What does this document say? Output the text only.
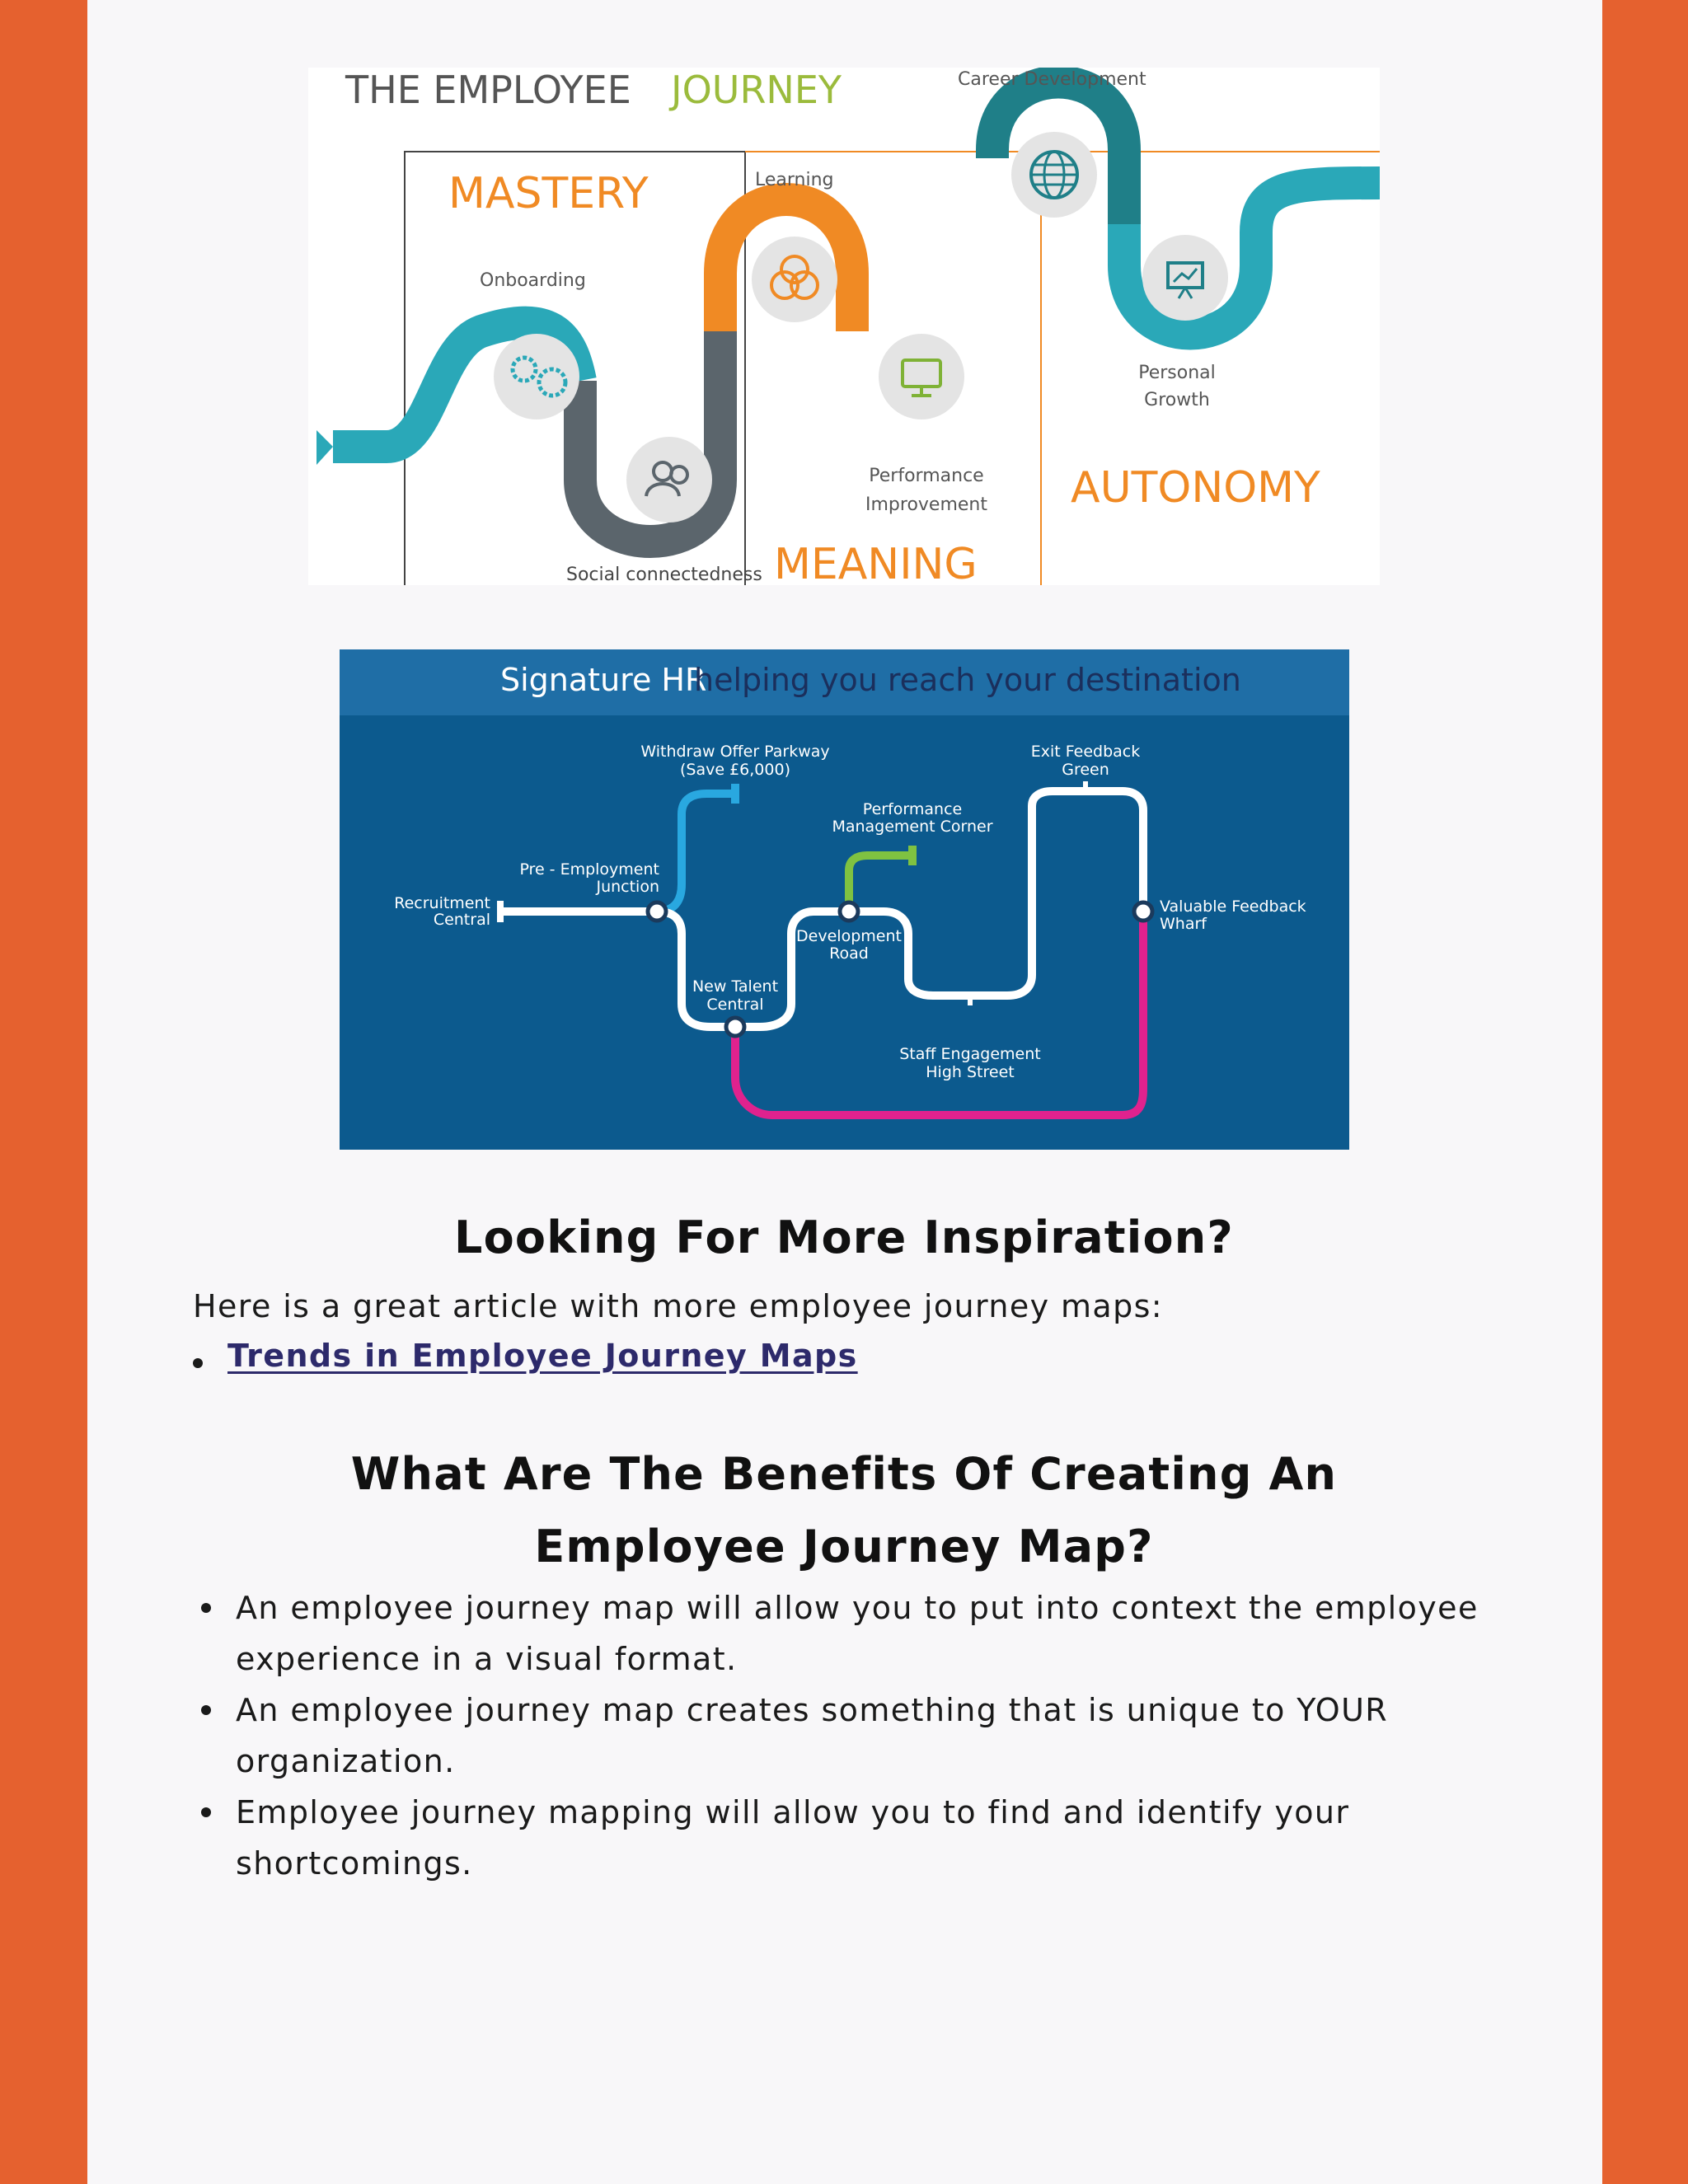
THE EMPLOYEE JOURNEY
MASTERY
MEANING
AUTONOMY
Onboarding
Learning
Career Development
Personal
Growth
Performance
Improvement
Social connectedness
Signature HR
helping you reach your destination
Recruitment
Central
Pre - Employment
Junction
Withdraw Offer Parkway
(Save £6,000)
New Talent
Central
Development
Road
Performance
Management Corner
Staff Engagement
High Street
Exit Feedback
Green
Valuable Feedback
Wharf
Looking For More Inspiration?
Here is a great article with more employee journey maps:
Trends in Employee Journey Maps
What Are The Benefits Of Creating An Employee Journey Map?
An employee journey map will allow you to put into context the employee experience in a visual format.
An employee journey map creates something that is unique to YOUR organization.
Employee journey mapping will allow you to find and identify your shortcomings.
